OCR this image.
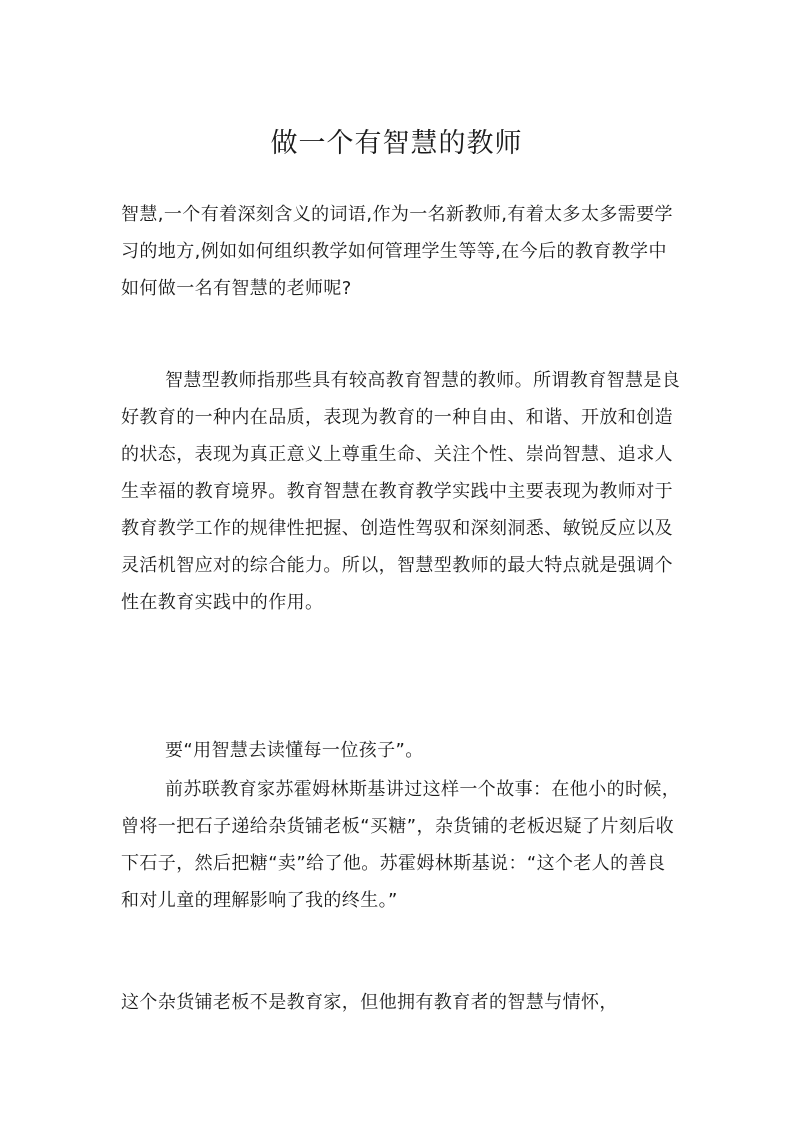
做一个有智慧的教师

智慧,一个有着深刻含义的词语,作为一名新教师,有着太多太多需要学习的地方,例如如何组织教学如何管理学生等等,在今后的教育教学中如何做一名有智慧的老师呢?

智慧型教师指那些具有较高教育智慧的教师。所谓教育智慧是良好教育的一种内在品质，表现为教育的一种自由、和谐、开放和创造的状态，表现为真正意义上尊重生命、关注个性、崇尚智慧、追求人生幸福的教育境界。教育智慧在教育教学实践中主要表现为教师对于教育教学工作的规律性把握、创造性驾驭和深刻洞悉、敏锐反应以及灵活机智应对的综合能力。所以，智慧型教师的最大特点就是强调个性在教育实践中的作用。

要“用智慧去读懂每一位孩子”。

前苏联教育家苏霍姆林斯基讲过这样一个故事：在他小的时候，曾将一把石子递给杂货铺老板“买糖”，杂货铺的老板迟疑了片刻后收下石子，然后把糖“卖”给了他。苏霍姆林斯基说：“这个老人的善良和对儿童的理解影响了我的终生。”

这个杂货铺老板不是教育家，但他拥有教育者的智慧与情怀，
